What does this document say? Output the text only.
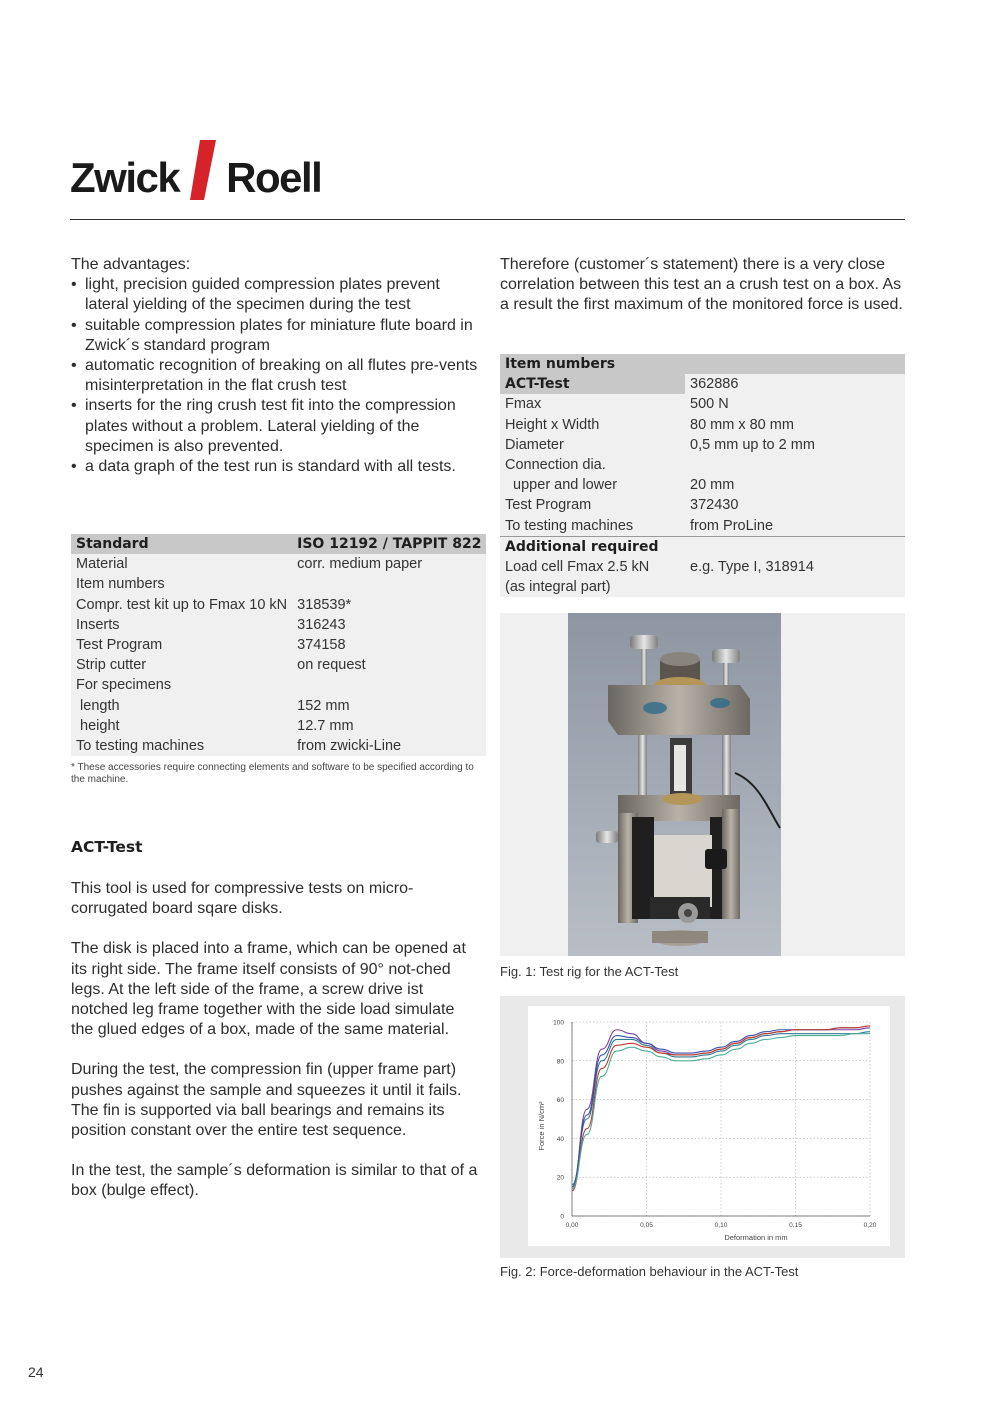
Zwick Roell
The advantages:
• light, precision guided compression plates prevent lateral yielding of the specimen during the test
• suitable compression plates for miniature flute board in Zwick´s standard program
• automatic recognition of breaking on all flutes pre-vents misinterpretation in the flat crush test
• inserts for the ring crush test fit into the compression plates without a problem. Lateral yielding of the specimen is also prevented.
• a data graph of the test run is standard with all tests.
Therefore (customer´s statement) there is a very close correlation between this test an a crush test on a box. As a result the first maximum of the monitored force is used.
Standard	ISO 12192 / TAPPIT 822
Material	corr. medium paper
Item numbers	
Compr. test kit up to Fmax 10 kN	318539*
Inserts	316243
Test Program	374158
Strip cutter	on request
For specimens	
length	152 mm
height	12.7 mm
To testing machines	from zwicki-Line
* These accessories require connecting elements and software to be specified according to the machine.
ACT-Test

This tool is used for compressive tests on micro-corrugated board sqare disks.

The disk is placed into a frame, which can be opened at its right side. The frame itself consists of 90° not-ched legs. At the left side of the frame, a screw drive ist notched leg frame together with the side load simulate the glued edges of a box, made of the same material.

During the test, the compression fin (upper frame part) pushes against the sample and squeezes it until it fails. The fin is supported via ball bearings and remains its position constant over the entire test sequence.

In the test, the sample´s deformation is similar to that of a box (bulge effect).

Item numbers	
ACT-Test	362886
Fmax	500 N
Height x Width	80 mm x 80 mm
Diameter	0,5 mm up to 2 mm
Connection dia.	
upper and lower	20 mm
Test Program	372430
To testing machines	from ProLine
Additional required	
Load cell Fmax 2.5 kN	e.g. Type I, 318914
(as integral part)	
Fig. 1: Test rig for the ACT-Test
0
20
40
60
80
100
0,00	0,05	0,10	0,15	0,20
Deformation in mm
Force in N/cm²
Fig. 2: Force-deformation behaviour in the ACT-Test
24
